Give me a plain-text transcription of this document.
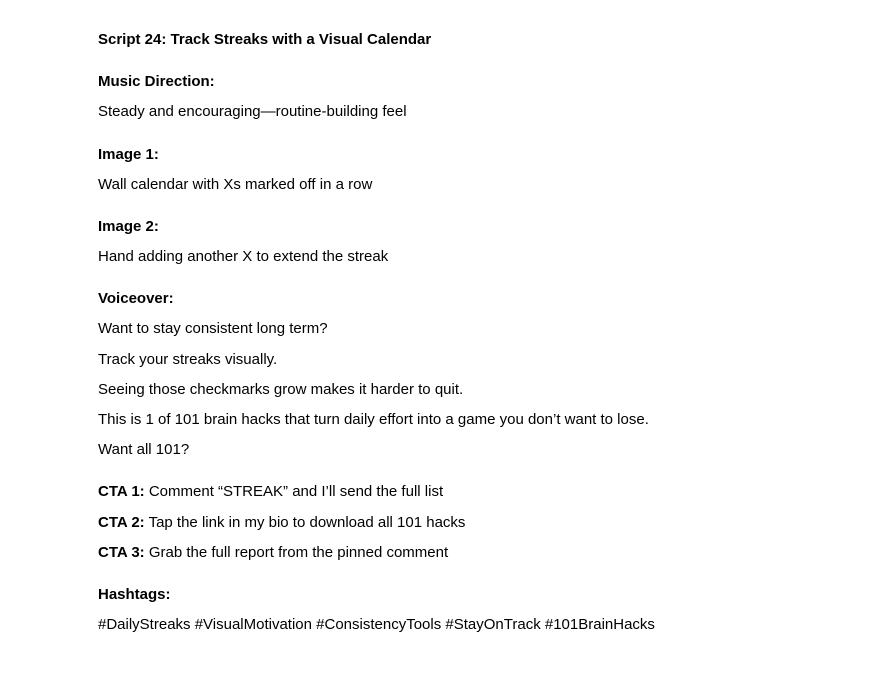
Script 24: Track Streaks with a Visual Calendar
Music Direction:
Steady and encouraging—routine-building feel
Image 1:
Wall calendar with Xs marked off in a row
Image 2:
Hand adding another X to extend the streak
Voiceover:
Want to stay consistent long term?
Track your streaks visually.
Seeing those checkmarks grow makes it harder to quit.
This is 1 of 101 brain hacks that turn daily effort into a game you don’t want to lose.
Want all 101?
CTA 1: Comment “STREAK” and I’ll send the full list
CTA 2: Tap the link in my bio to download all 101 hacks
CTA 3: Grab the full report from the pinned comment
Hashtags:
#DailyStreaks #VisualMotivation #ConsistencyTools #StayOnTrack #101BrainHacks
